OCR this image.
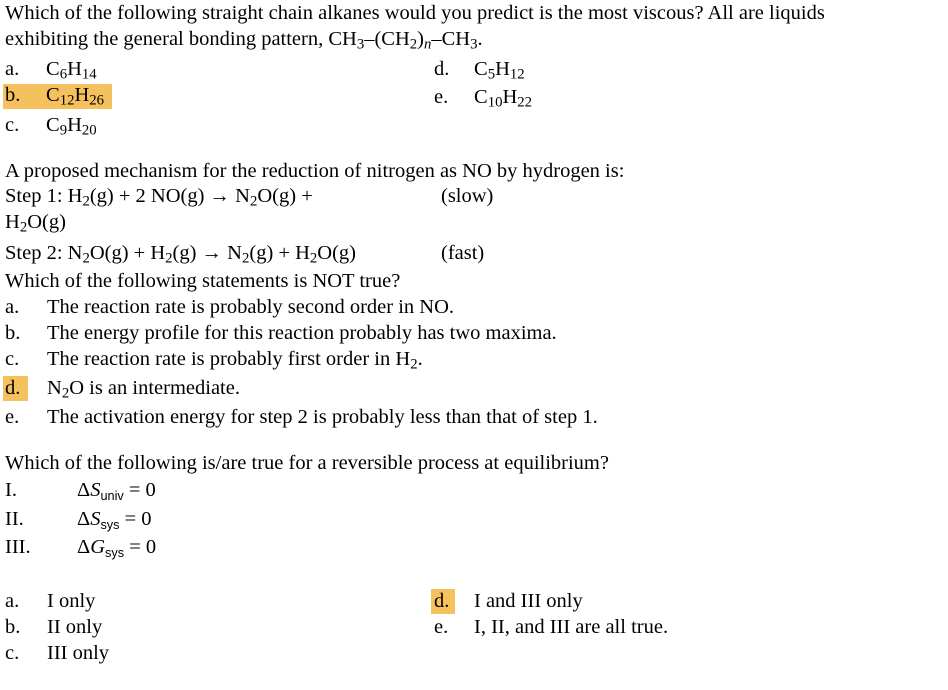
Which of the following straight chain alkanes would you predict is the most viscous? All are liquids
exhibiting the general bonding pattern, $CH_3-(CH_2)_n-CH_3$.
a. $C_6H_{14}$
b. $C_{12}H_{26}$
c. $C_9H_{20}$
d. $C_5H_{12}$
e. $C_{10}H_{22}$
A proposed mechanism for the reduction of nitrogen as NO by hydrogen is:
Step 1: $H_2(g) + 2$ $NO(g) \to N_2O(g)$ +	(slow)
$H_2O(g)$
Step 2: $N_2O(g) + H_2(g) \to N_2(g) + H_2O(g)$	(fast)
Which of the following statements is NOT true?
a. The reaction rate is probably second order in NO.
b. The energy profile for this reaction probably has two maxima.
c. The reaction rate is probably first order in $H_2$.
d. $N_2O$ is an intermediate.
e. The activation energy for step 2 is probably less than that of step 1.
Which of the following is/are true for a reversible process at equilibrium?
I.	$\Delta S_{univ} = 0$
II.	$\Delta S_{sys} = 0$
III. $\Delta G_{sys} = 0$
a. I only
b. II only
c. III only
d. I and III only
e. I, II, and III are all true.
